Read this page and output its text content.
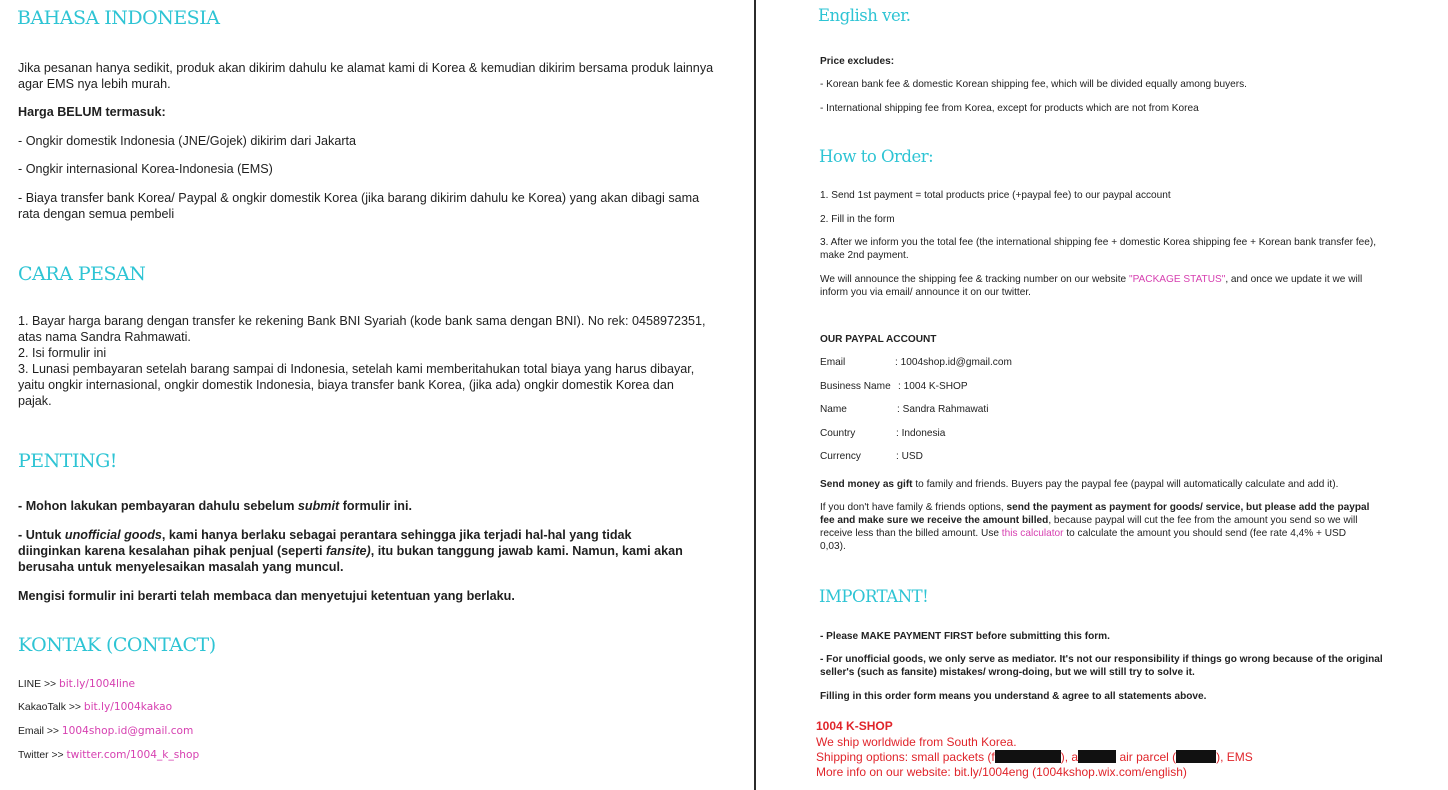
BAHASA INDONESIA

Jika pesanan hanya sedikit, produk akan dikirim dahulu ke alamat kami di Korea & kemudian dikirim bersama produk lainnya

agar EMS nya lebih murah.

Harga BELUM termasuk:

- Ongkir domestik Indonesia (JNE/Gojek) dikirim dari Jakarta

- Ongkir internasional Korea-Indonesia (EMS)

- Biaya transfer bank Korea/ Paypal & ongkir domestik Korea (jika barang dikirim dahulu ke Korea) yang akan dibagi sama

rata dengan semua pembeli

CARA PESAN

1. Bayar harga barang dengan transfer ke rekening Bank BNI Syariah (kode bank sama dengan BNI). No rek: 0458972351,

atas nama Sandra Rahmawati.

2. Isi formulir ini

3. Lunasi pembayaran setelah barang sampai di Indonesia, setelah kami memberitahukan total biaya yang harus dibayar,

yaitu ongkir internasional, ongkir domestik Indonesia, biaya transfer bank Korea, (jika ada) ongkir domestik Korea dan

pajak.

PENTING!

- Mohon lakukan pembayaran dahulu sebelum submit formulir ini.

- Untuk unofficial goods, kami hanya berlaku sebagai perantara sehingga jika terjadi hal-hal yang tidak

diinginkan karena kesalahan pihak penjual (seperti fansite), itu bukan tanggung jawab kami. Namun, kami akan

berusaha untuk menyelesaikan masalah yang muncul.

Mengisi formulir ini berarti telah membaca dan menyetujui ketentuan yang berlaku.

KONTAK (CONTACT)

LINE >> bit.ly/1004line

KakaoTalk >> bit.ly/1004kakao

Email >> 1004shop.id@gmail.com

Twitter >> twitter.com/1004_k_shop

English ver.

Price excludes:

- Korean bank fee & domestic Korean shipping fee, which will be divided equally among buyers.

- International shipping fee from Korea, except for products which are not from Korea

How to Order:

1. Send 1st payment = total products price (+paypal fee) to our paypal account

2. Fill in the form

3. After we inform you the total fee (the international shipping fee + domestic Korea shipping fee + Korean bank transfer fee),

make 2nd payment.

We will announce the shipping fee & tracking number on our website "PACKAGE STATUS", and once we update it we will

inform you via email/ announce it on our twitter.

OUR PAYPAL ACCOUNT

Email	: 1004shop.id@gmail.com

Business Name : 1004 K-SHOP

Name	: Sandra Rahmawati

Country	: Indonesia

Currency	: USD

Send money as gift to family and friends. Buyers pay the paypal fee (paypal will automatically calculate and add it).

If you don't have family & friends options, send the payment as payment for goods/ service, but please add the paypal

fee and make sure we receive the amount billed, because paypal will cut the fee from the amount you send so we will

receive less than the billed amount. Use this calculator to calculate the amount you should send (fee rate 4,4% + USD

0,03).

IMPORTANT!

- Please MAKE PAYMENT FIRST before submitting this form.

- For unofficial goods, we only serve as mediator. It's not our responsibility if things go wrong because of the original

seller's (such as fansite) mistakes/ wrong-doing, but we will still try to solve it.

Filling in this order form means you understand & agree to all statements above.

1004 K-SHOP

We ship worldwide from South Korea.

Shipping options: small packets (f	), a	air parcel (	), EMS

More info on our website: bit.ly/1004eng (1004kshop.wix.com/english)
